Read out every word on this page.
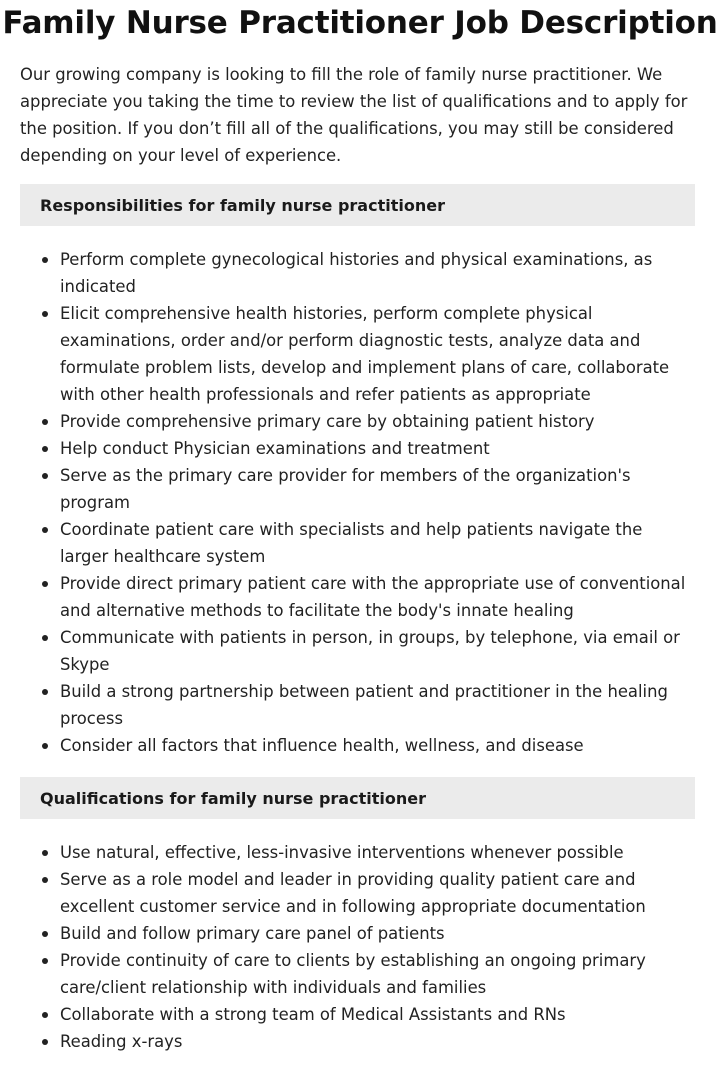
Family Nurse Practitioner Job Description

Our growing company is looking to fill the role of family nurse practitioner. We appreciate you taking the time to review the list of qualifications and to apply for the position. If you don’t fill all of the qualifications, you may still be considered depending on your level of experience.

Responsibilities for family nurse practitioner
Perform complete gynecological histories and physical examinations, as indicated
Elicit comprehensive health histories, perform complete physical examinations, order and/or perform diagnostic tests, analyze data and formulate problem lists, develop and implement plans of care, collaborate with other health professionals and refer patients as appropriate
Provide comprehensive primary care by obtaining patient history
Help conduct Physician examinations and treatment
Serve as the primary care provider for members of the organization's program
Coordinate patient care with specialists and help patients navigate the larger healthcare system
Provide direct primary patient care with the appropriate use of conventional and alternative methods to facilitate the body's innate healing
Communicate with patients in person, in groups, by telephone, via email or Skype
Build a strong partnership between patient and practitioner in the healing process
Consider all factors that influence health, wellness, and disease
Qualifications for family nurse practitioner
Use natural, effective, less-invasive interventions whenever possible
Serve as a role model and leader in providing quality patient care and excellent customer service and in following appropriate documentation
Build and follow primary care panel of patients
Provide continuity of care to clients by establishing an ongoing primary care/client relationship with individuals and families
Collaborate with a strong team of Medical Assistants and RNs
Reading x-rays
